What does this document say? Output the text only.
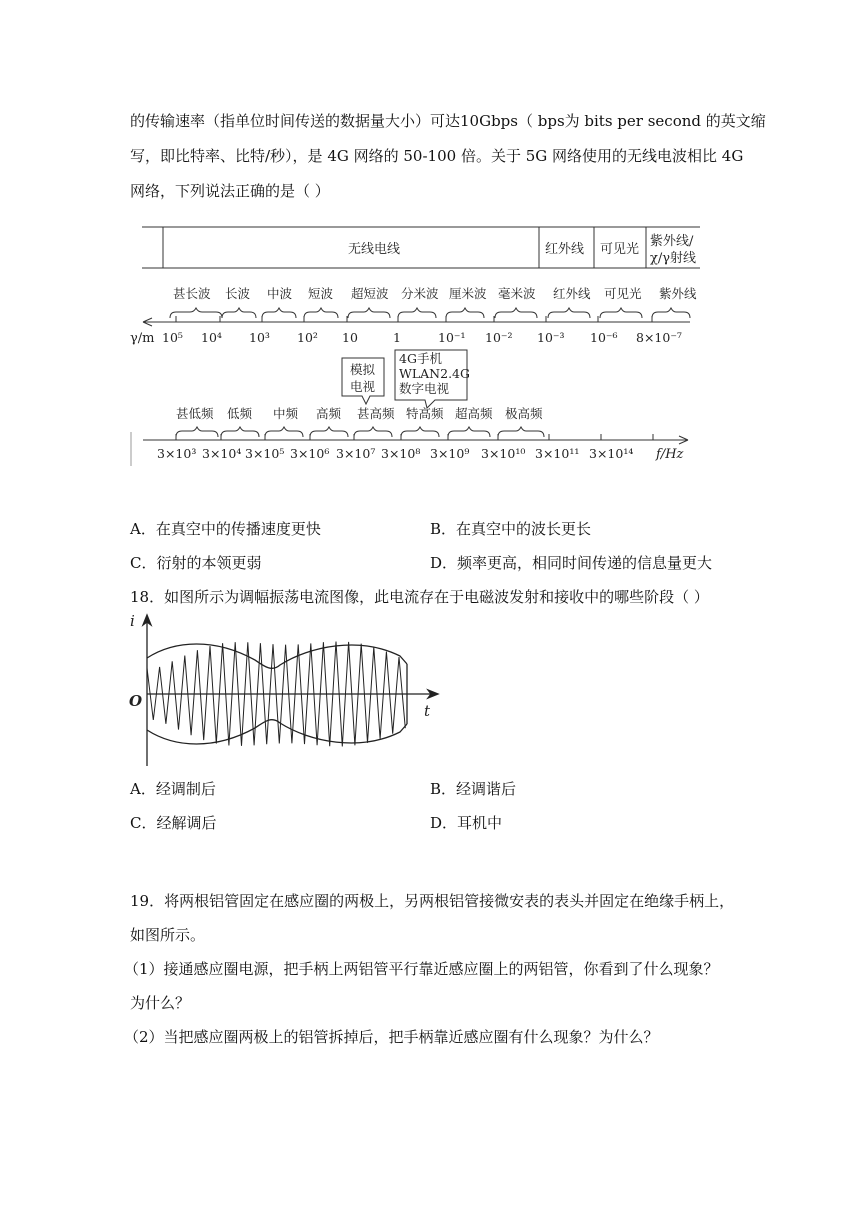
的传输速率（指单位时间传送的数据量大小）可达10Gbps（ bps为 bits per second 的英文缩
写，即比特率、比特/秒），是 4G 网络的 50-100 倍。关于 5G 网络使用的无线电波相比 4G
网络，下列说法正确的是（ ）
无线电线	红外线 可见光
紫外线/
χ/γ射线
甚长波 长波 中波 短波 超短波 分米波 厘米波 毫米波 红外线 可见光 紫外线
γ/m 10⁵ 10⁴ 10³ 10² 10	1	10⁻¹ 10⁻² 10⁻³ 10⁻⁶ 8×10⁻⁷
模拟
电视
4G手机
WLAN2.4G
数字电视
甚低频 低频 中频 高频 甚高频 特高频 超高频 极高频
3×10³ 3×10⁴ 3×10⁵ 3×10⁶ 3×10⁷ 3×10⁸ 3×10⁹ 3×10¹⁰ 3×10¹¹ 3×10¹⁴ f/Hz
A．在真空中的传播速度更快	B．在真空中的波长更长
C．衍射的本领更弱	D．频率更高，相同时间传递的信息量更大
18．如图所示为调幅振荡电流图像，此电流存在于电磁波发射和接收中的哪些阶段（ ）
i
O
t
A．经调制后	B．经调谐后
C．经解调后	D．耳机中
19．将两根铝管固定在感应圈的两极上，另两根铝管接微安表的表头并固定在绝缘手柄上，
如图所示。
（1）接通感应圈电源，把手柄上两铝管平行靠近感应圈上的两铝管，你看到了什么现象？
为什么？
（2）当把感应圈两极上的铝管拆掉后，把手柄靠近感应圈有什么现象？为什么？
